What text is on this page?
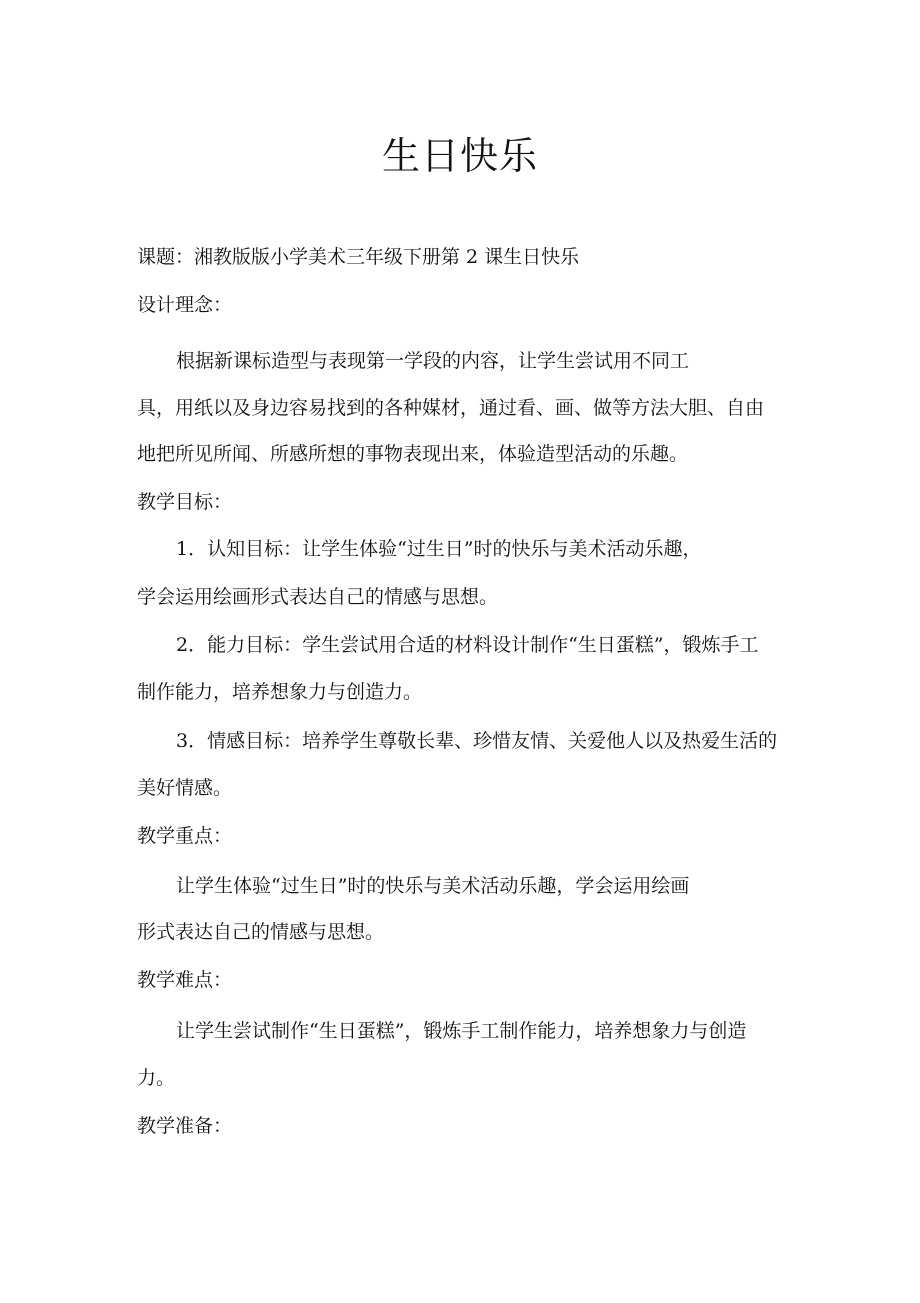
生日快乐
课题：湘教版版小学美术三年级下册第 2 课生日快乐
设计理念：
根据新课标造型与表现第一学段的内容，让学生尝试用不同工
具，用纸以及身边容易找到的各种媒材，通过看、画、做等方法大胆、自由
地把所见所闻、所感所想的事物表现出来，体验造型活动的乐趣。
教学目标：
1．认知目标：让学生体验“过生日”时的快乐与美术活动乐趣，
学会运用绘画形式表达自己的情感与思想。
2．能力目标：学生尝试用合适的材料设计制作“生日蛋糕”，锻炼手工
制作能力，培养想象力与创造力。
3．情感目标：培养学生尊敬长辈、珍惜友情、关爱他人以及热爱生活的
美好情感。
教学重点：
让学生体验“过生日”时的快乐与美术活动乐趣，学会运用绘画
形式表达自己的情感与思想。
教学难点：
让学生尝试制作“生日蛋糕”，锻炼手工制作能力，培养想象力与创造
力。
教学准备：
